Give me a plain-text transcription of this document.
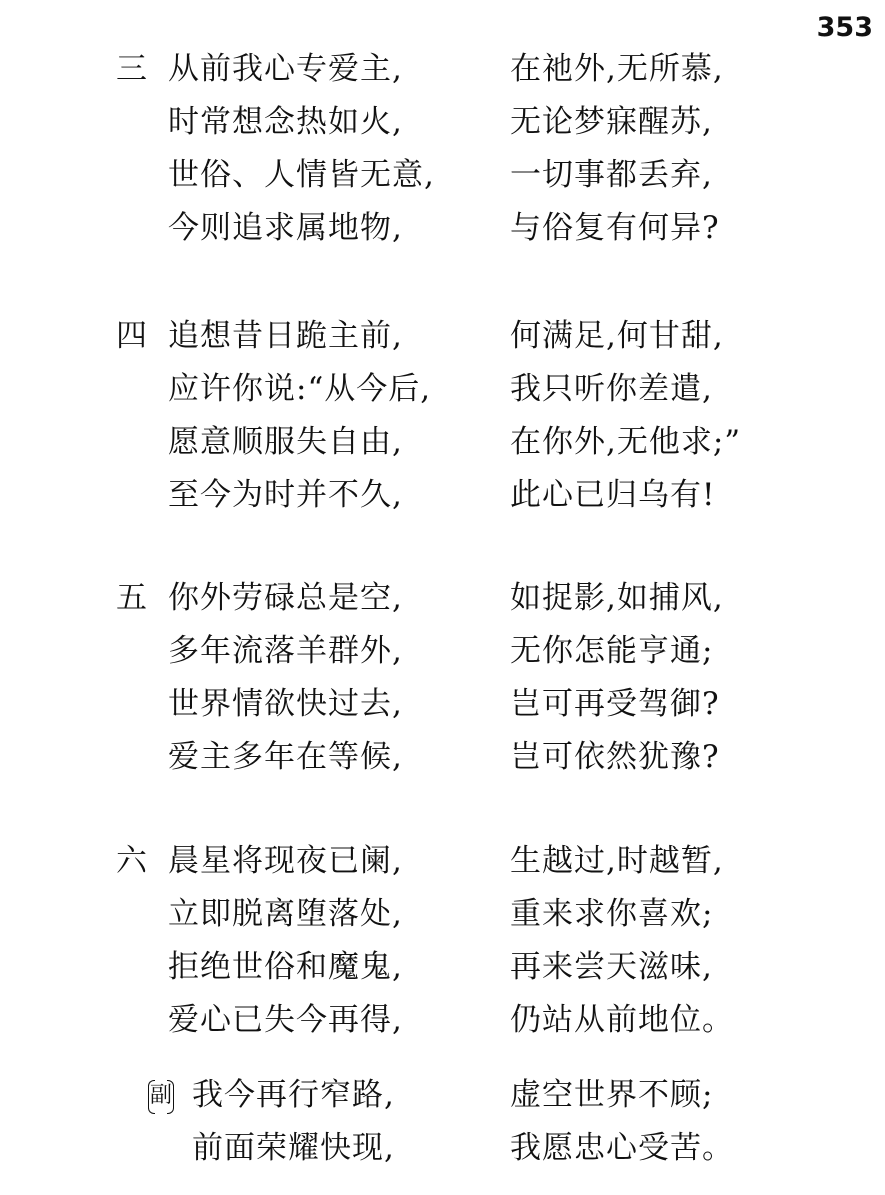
353
三 从前我心专爱主,	在祂外,无所慕,
时常想念热如火,	无论梦寐醒苏,
世俗、人情皆无意, 一切事都丢弃,
今则追求属地物,	与俗复有何异?
四 追想昔日跪主前,	何满足,何甘甜,
应许你说:“从今后,	我只听你差遣,
愿意顺服失自由,	在你外,无他求;”
至今为时并不久,	此心已归乌有!
五 你外劳碌总是空,	如捉影,如捕风,
多年流落羊群外,	无你怎能亨通;
世界情欲快过去,	岂可再受驾御?
爱主多年在等候,	岂可依然犹豫?
六 晨星将现夜已阑,	生越过,时越暂,
立即脱离堕落处,	重来求你喜欢;
拒绝世俗和魔鬼,	再来尝天滋味,
爱心已失今再得,	仍站从前地位。
副 我今再行窄路,	虚空世界不顾;
前面荣耀快现,	我愿忠心受苦。
